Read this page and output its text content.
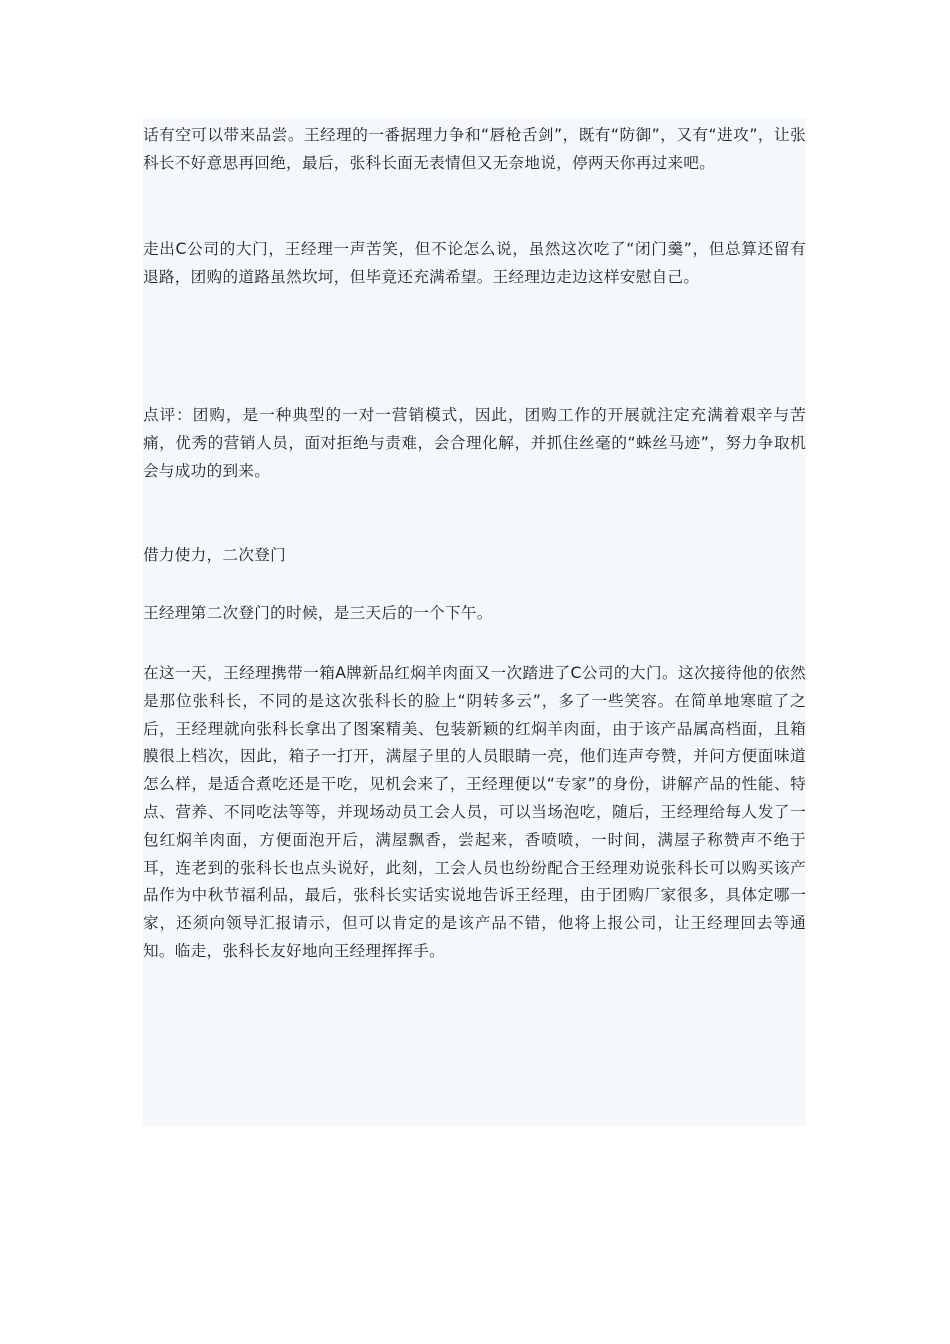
话有空可以带来品尝。王经理的一番据理力争和“唇枪舌剑”，既有“防御”，又有“进攻”，让张科长不好意思再回绝，最后，张科长面无表情但又无奈地说，停两天你再过来吧。

走出C公司的大门，王经理一声苦笑，但不论怎么说，虽然这次吃了“闭门羹”，但总算还留有退路，团购的道路虽然坎坷，但毕竟还充满希望。王经理边走边这样安慰自己。

点评：团购，是一种典型的一对一营销模式，因此，团购工作的开展就注定充满着艰辛与苦痛，优秀的营销人员，面对拒绝与责难，会合理化解，并抓住丝毫的“蛛丝马迹”，努力争取机会与成功的到来。

借力使力，二次登门

王经理第二次登门的时候，是三天后的一个下午。

在这一天，王经理携带一箱A牌新品红焖羊肉面又一次踏进了C公司的大门。这次接待他的依然是那位张科长，不同的是这次张科长的脸上“阴转多云”，多了一些笑容。在简单地寒暄了之后，王经理就向张科长拿出了图案精美、包装新颖的红焖羊肉面，由于该产品属高档面，且箱膜很上档次，因此，箱子一打开，满屋子里的人员眼睛一亮，他们连声夸赞，并问方便面味道怎么样，是适合煮吃还是干吃，见机会来了，王经理便以“专家”的身份，讲解产品的性能、特点、营养、不同吃法等等，并现场动员工会人员，可以当场泡吃，随后，王经理给每人发了一包红焖羊肉面，方便面泡开后，满屋飘香，尝起来，香喷喷，一时间，满屋子称赞声不绝于耳，连老到的张科长也点头说好，此刻，工会人员也纷纷配合王经理劝说张科长可以购买该产品作为中秋节福利品，最后，张科长实话实说地告诉王经理，由于团购厂家很多，具体定哪一家，还须向领导汇报请示，但可以肯定的是该产品不错，他将上报公司，让王经理回去等通知。临走，张科长友好地向王经理挥挥手。
